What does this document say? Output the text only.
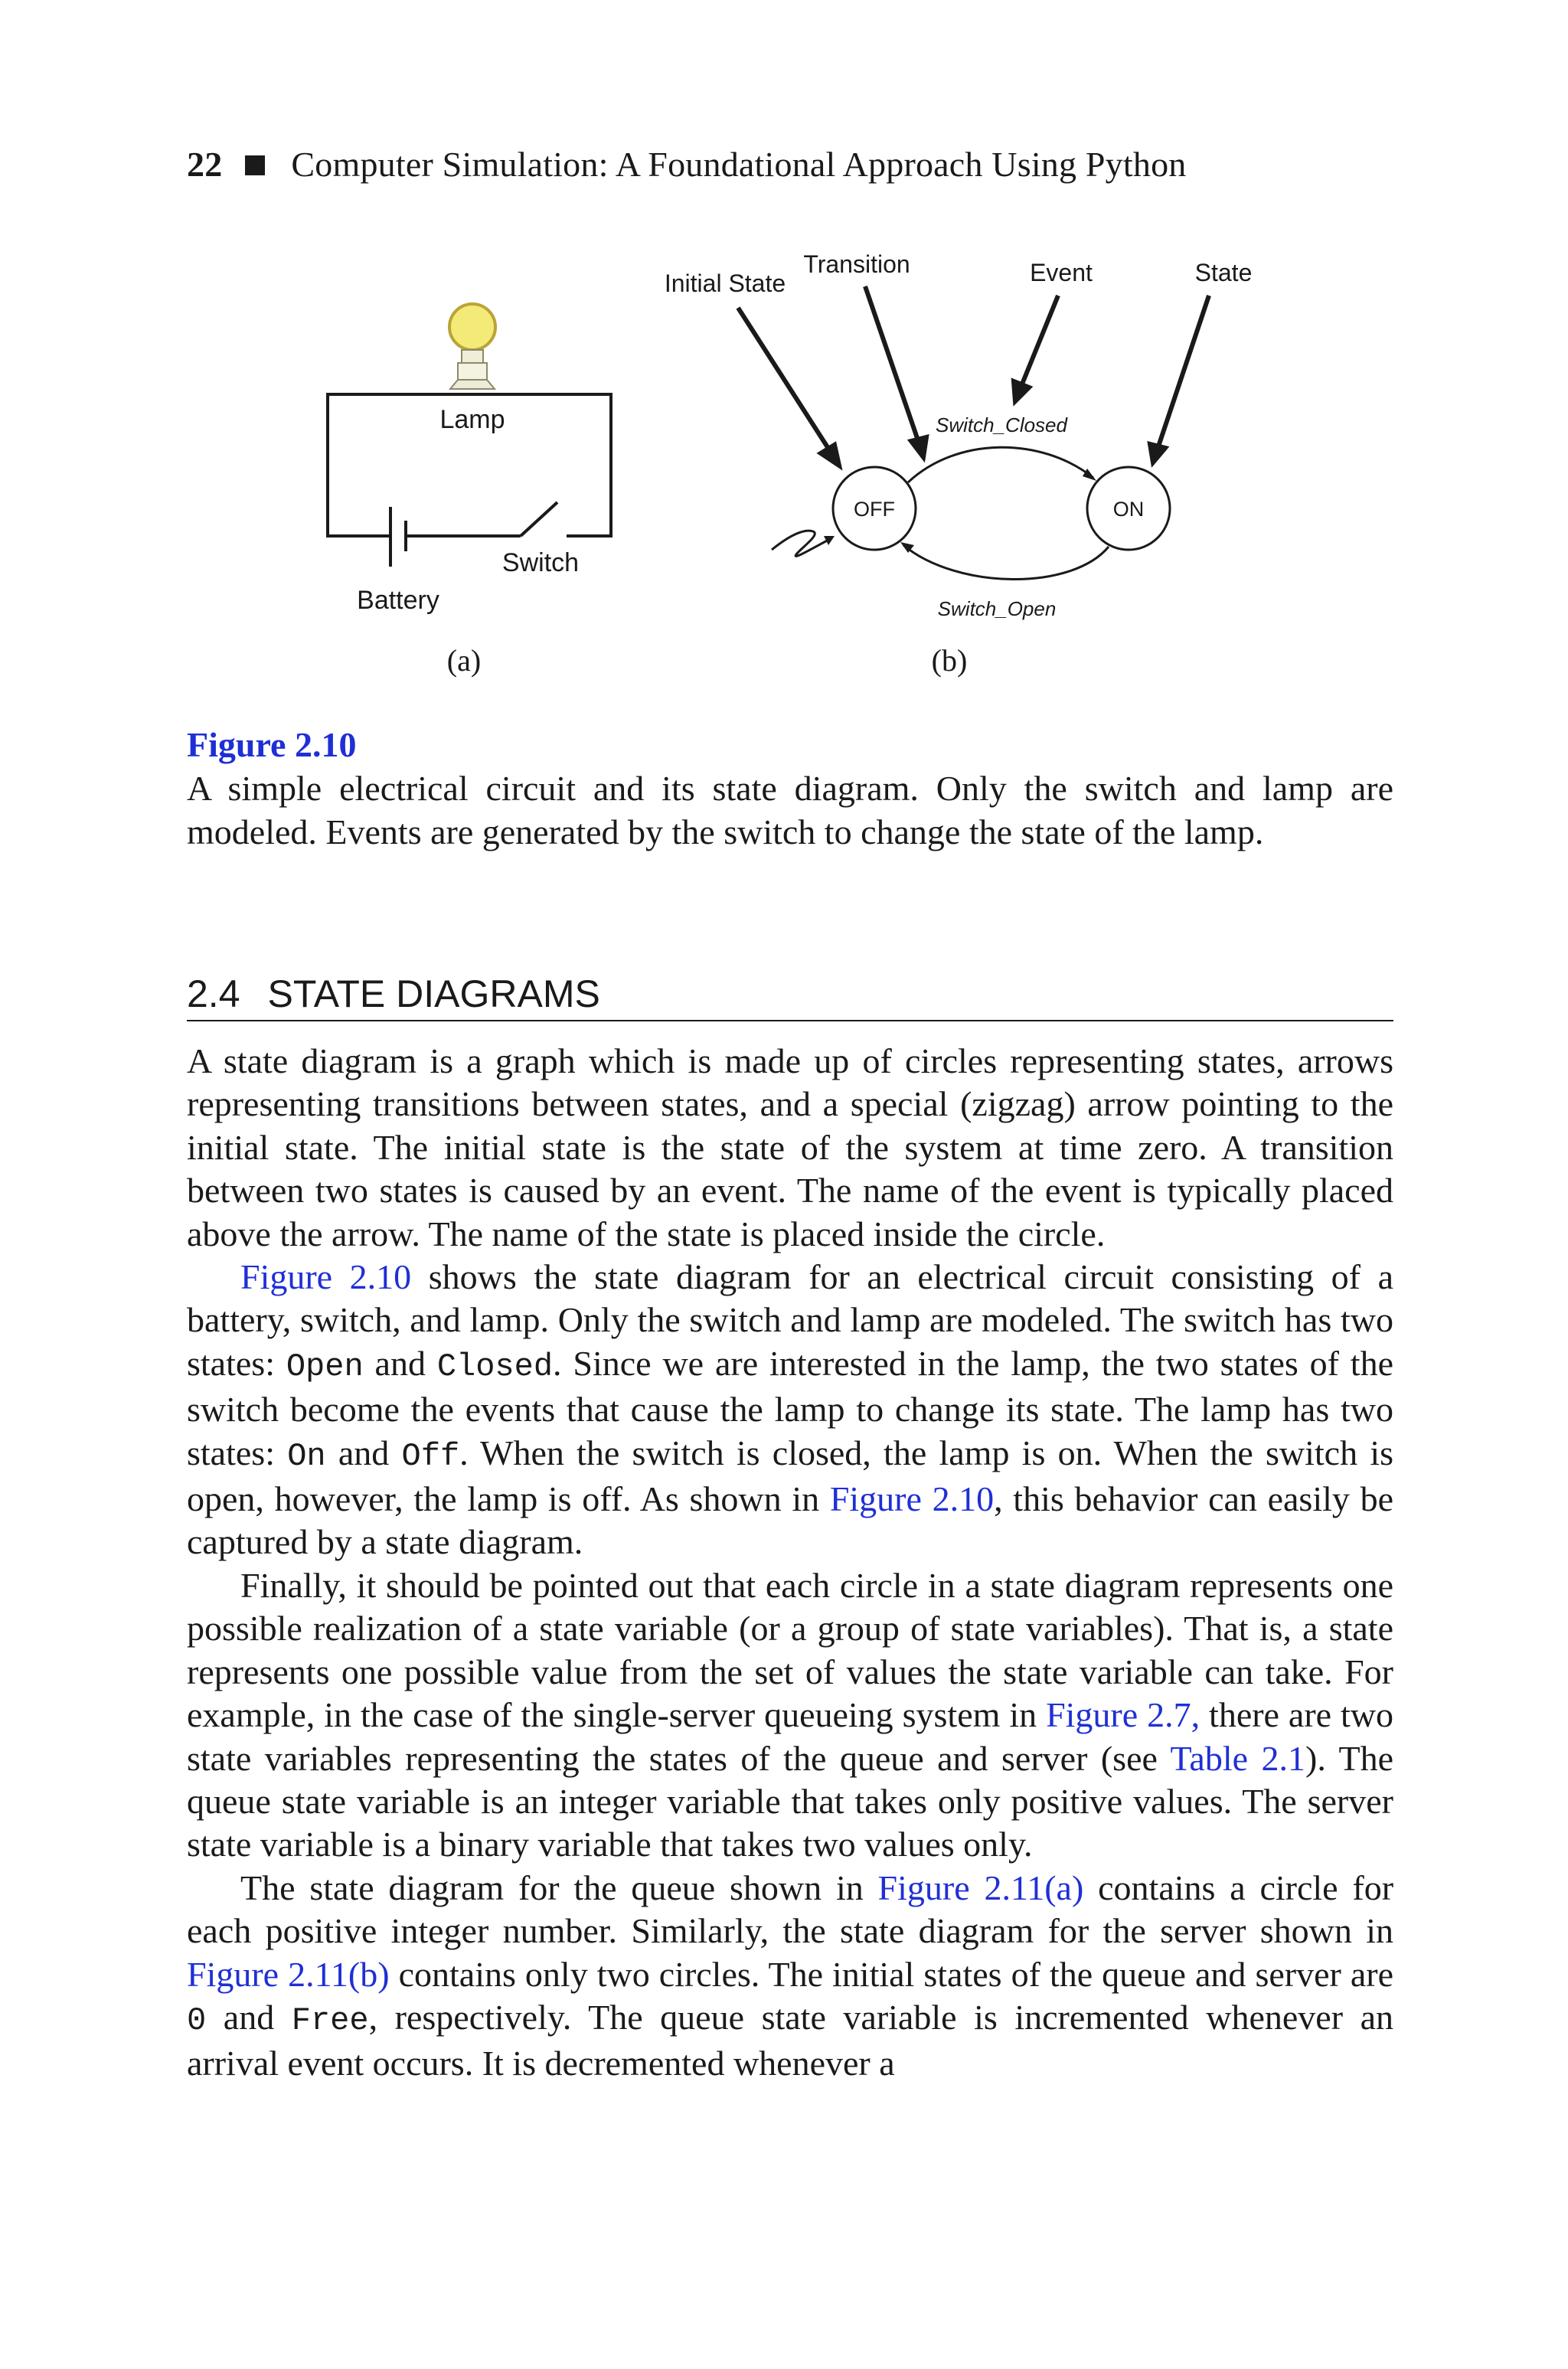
22 Computer Simulation: A Foundational Approach Using Python
Lamp
Switch
Battery
(a)
Initial State
Transition	Event	State
OFF	ON
Switch_Closed
Switch_Open
(b)
Figure 2.10
A simple electrical circuit and its state diagram. Only the switch and lamp are modeled. Events are generated by the switch to change the state of the lamp.
2.4 STATE DIAGRAMS

A state diagram is a graph which is made up of circles representing states, arrows representing transitions between states, and a special (zigzag) arrow pointing to the initial state. The initial state is the state of the system at time zero. A transition between two states is caused by an event. The name of the event is typically placed above the arrow. The name of the state is placed inside the circle.

Figure 2.10 shows the state diagram for an electrical circuit consisting of a battery, switch, and lamp. Only the switch and lamp are modeled. The switch has two states: Open and Closed. Since we are interested in the lamp, the two states of the switch become the events that cause the lamp to change its state. The lamp has two states: On and Off. When the switch is closed, the lamp is on. When the switch is open, however, the lamp is off. As shown in Figure 2.10, this behavior can easily be captured by a state diagram.

Finally, it should be pointed out that each circle in a state diagram represents one possible realization of a state variable (or a group of state variables). That is, a state represents one possible value from the set of values the state variable can take. For example, in the case of the single-server queueing system in Figure 2.7, there are two state variables representing the states of the queue and server (see Table 2.1). The queue state variable is an integer variable that takes only positive values. The server state variable is a binary variable that takes two values only.

The state diagram for the queue shown in Figure 2.11(a) contains a circle for each positive integer number. Similarly, the state diagram for the server shown in Figure 2.11(b) contains only two circles. The initial states of the queue and server are 0 and Free, respectively. The queue state variable is incremented whenever an arrival event occurs. It is decremented whenever a
